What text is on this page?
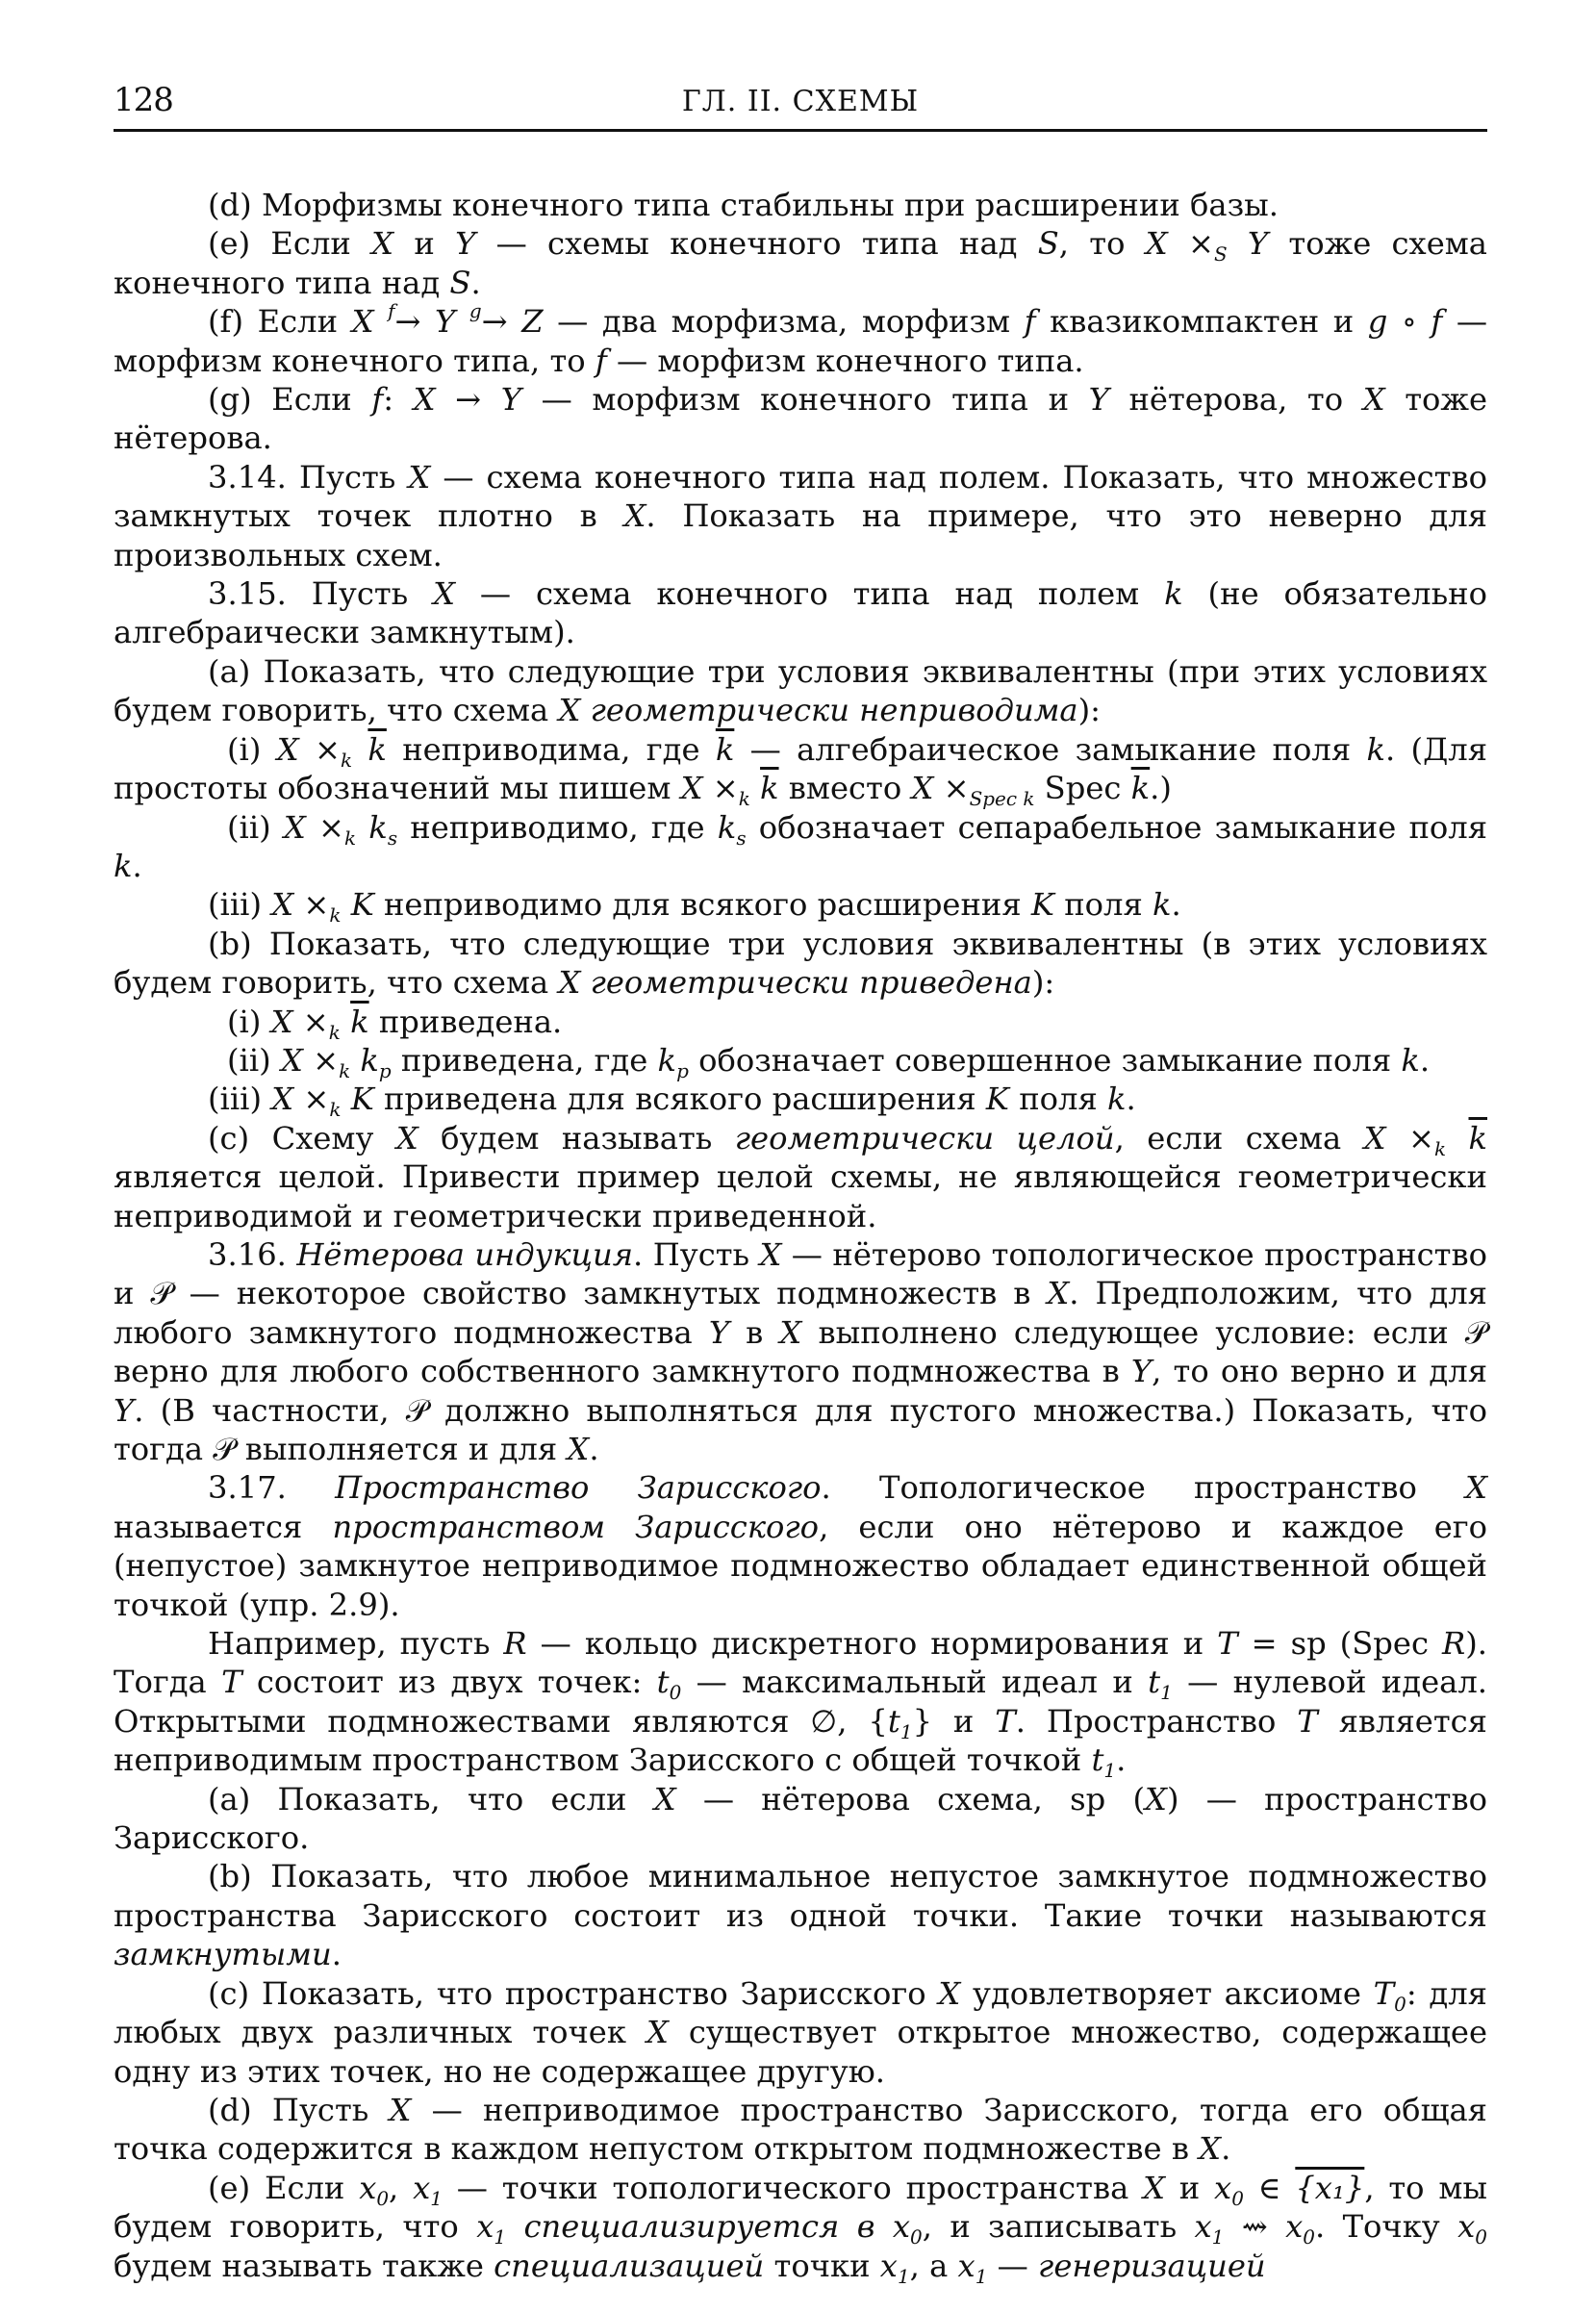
128	ГЛ. II. СХЕМЫ

(d) Морфизмы конечного типа стабильны при расширении базы.

(e) Если X и Y — схемы конечного типа над S, то $X \times_S$ Y тоже схема конечного типа над S.

(f) Если X $^f$→ Y $^g$→ Z — два морфизма, морфизм f квазикомпактен и g ∘ f — морфизм конечного типа, то f — морфизм конечного типа.

(g) Если f: X → Y — морфизм конечного типа и Y нётерова, то X тоже нётерова.

3.14. Пусть X — схема конечного типа над полем. Показать, что множество замкнутых точек плотно в X. Показать на примере, что это неверно для произвольных схем.

3.15. Пусть X — схема конечного типа над полем k (не обязательно алгебраически замкнутым).

(a) Показать, что следующие три условия эквивалентны (при этих условиях будем говорить, что схема X геометрически неприводима):

(i) $X \times_k$ $\overline{k}$ неприводима, где $\overline{k}$ — алгебраическое замыкание поля k. (Для простоты обозначений мы пишем $X \times_k$ $\overline{k}$ вместо $X \times_{Spec k}$ Spec $\overline{k}$.)

(ii) $X \times_k$ $k_s$ неприводимо, где $k_s$ обозначает сепарабельное замыкание поля k.

(iii) $X \times_k$ K неприводимо для всякого расширения K поля k.

(b) Показать, что следующие три условия эквивалентны (в этих условиях будем говорить, что схема X геометрически приведена):

(i) $X \times_k$ $\overline{k}$ приведена.

(ii) $X \times_k$ $k_p$ приведена, где $k_p$ обозначает совершенное замыкание поля k.

(iii) $X \times_k$ K приведена для всякого расширения K поля k.

(c) Схему X будем называть геометрически целой, если схема $X \times_k$ $\overline{k}$ является целой. Привести пример целой схемы, не являющейся геометрически неприводимой и геометрически приведенной.

3.16. Нётерова индукция. Пусть X — нётерово топологическое пространство и 𝒫 — некоторое свойство замкнутых подмножеств в X. Предположим, что для любого замкнутого подмножества Y в X выполнено следующее условие: если 𝒫 верно для любого собственного замкнутого подмножества в Y, то оно верно и для Y. (В частности, 𝒫 должно выполняться для пустого множества.) Показать, что тогда 𝒫 выполняется и для X.

3.17. Пространство Зарисского. Топологическое пространство X называется пространством Зарисского, если оно нётерово и каждое его (непустое) замкнутое неприводимое подмножество обладает единственной общей точкой (упр. 2.9).

Например, пусть R — кольцо дискретного нормирования и T = sp (Spec R). Тогда T состоит из двух точек: $t_0$ — максимальный идеал и $t_1$ — нулевой идеал. Открытыми подмножествами являются ∅, $\{t_1\}$ и T. Пространство T является неприводимым пространством Зарисского с общей точкой $t_1$.

(a) Показать, что если X — нётерова схема, sp (X) — пространство Зарисского.

(b) Показать, что любое минимальное непустое замкнутое подмножество пространства Зарисского состоит из одной точки. Такие точки называются замкнутыми.

(c) Показать, что пространство Зарисского X удовлетворяет аксиоме $T_0$: для любых двух различных точек X существует открытое множество, содержащее одну из этих точек, но не содержащее другую.

(d) Пусть X — неприводимое пространство Зарисского, тогда его общая точка содержится в каждом непустом открытом подмножестве в X.

(e) Если $x_0$, $x_1$ — точки топологического пространства X и $x_0$ ∈ {x₁}, то мы будем говорить, что $x_1$ специализируется в $x_0$, и записывать $x_1$ ⇝ $x_0$. Точку $x_0$ будем называть также специализацией точки $x_1$, а $x_1$ — генеризацией
